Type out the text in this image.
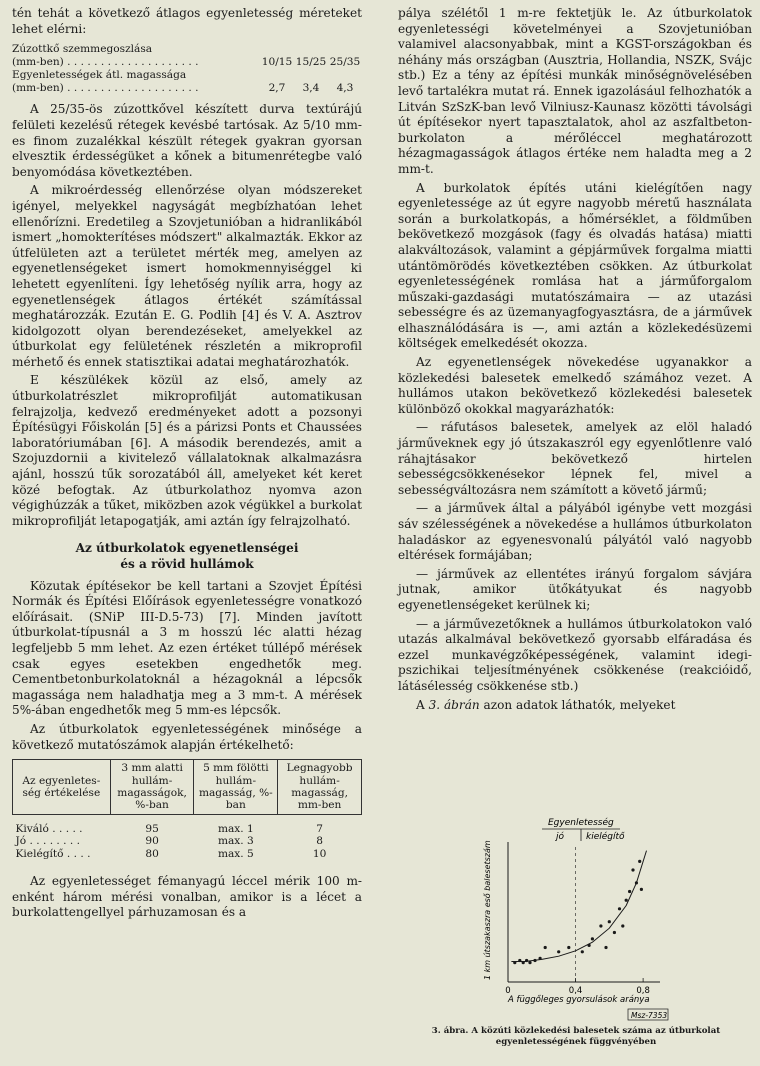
tén tehát a következő átlagos egyenletesség méreteket lehet elérni:

Zúzottkő szemmegoszlása
(mm-ben) . . . . . . . . . . . . . . . . . . . .	10/15 15/25 25/35
Egyenletességek átl. magassága
(mm-ben) . . . . . . . . . . . . . . . . . . . .	2,7	3,4	4,3

A 25/35-ös zúzottkővel készített durva textúrájú felületi kezelésű rétegek kevésbé tartósak. Az 5/10 mm-es finom zuzalékkal készült rétegek gyakran gyorsan elvesztik érdességüket a kőnek a bitumenrétegbe való benyomódása következtében.

A mikroérdesség ellenőrzése olyan módszereket igényel, melyekkel nagyságát megbízhatóan lehet ellenőrízni. Eredetileg a Szovjetunióban a hidranlikából ismert „homokterítéses módszert" alkalmazták. Ekkor az útfelületen azt a területet mérték meg, amelyen az egyenetlenségeket ismert homokmennyiséggel ki lehetett egyenlíteni. Így lehetőség nyílik arra, hogy az egyenetlenségek átlagos értékét számítással meghatározzák. Ezután E. G. Podlih [4] és V. A. Asztrov kidolgozott olyan berendezéseket, amelyekkel az útburkolat egy felületének részletén a mikroprofil mérhető és ennek statisztikai adatai meghatározhatók.

E készülékek közül az első, amely az útburkolatrészlet mikroprofilját automatikusan felrajzolja, kedvező eredményeket adott a pozsonyi Építésügyi Főiskolán [5] és a párizsi Ponts et Chaussées laboratóriumában [6]. A második berendezés, amit a Szojuzdornii a kivitelező vállalatoknak alkalmazásra ajánl, hosszú tűk sorozatából áll, amelyeket két keret közé befogtak. Az útburkolathoz nyomva azon végighúzzák a tűket, miközben azok végükkel a burkolat mikroprofilját letapogatják, ami aztán így felrajzolható.

Az útburkolatok egyenetlenségei
és a rövid hullámok

Közutak építésekor be kell tartani a Szovjet Építési Normák és Építési Előírások egyenletességre vonatkozó előírásait. (SNiP III-D.5-73) [7]. Minden javított útburkolat-típusnál a 3 m hosszú léc alatti hézag legfeljebb 5 mm lehet. Az ezen értéket túllépő mérések csak egyes esetekben engedhetők meg. Cementbetonburkolatoknál a hézagoknál a lépcsők magassága nem haladhatja meg a 3 mm-t. A mérések 5%-ában engedhetők meg 5 mm-es lépcsők.

Az útburkolatok egyenletességének minősége a következő mutatószámok alapján értékelhető:

Az egyenletes-ség értékelése	3 mm alatti hullám-magasságok, %-ban	5 mm fölötti hullám-magasság, %-ban	Legnagyobb hullám-magasság, mm-ben
Kiváló . . . . .	95	max. 1	7
Jó . . . . . . . .	90	max. 3	8
Kielégítő . . . .	80	max. 5	10

Az egyenletességet fémanyagú léccel mérik 100 m-enként három mérési vonalban, amikor is a lécet a burkolattengellyel párhuzamosan és a

pálya szélétől 1 m-re fektetjük le. Az útburkolatok egyenletességi követelményei a Szovjetunióban valamivel alacsonyabbak, mint a KGST-országokban és néhány más országban (Ausztria, Hollandia, NSZK, Svájc stb.) Ez a tény az építési munkák minőségnövelésében levő tartalékra mutat rá. Ennek igazolásául felhozhatók a Litván SzSzK-ban levő Vilniusz-Kaunasz közötti távolsági út építésekor nyert tapasztalatok, ahol az aszfaltbeton-burkolaton a mérőléccel meghatározott hézagmagasságok átlagos értéke nem haladta meg a 2 mm-t.

A burkolatok építés utáni kielégítően nagy egyenletessége az út egyre nagyobb méretű használata során a burkolatkopás, a hőmérséklet, a földműben bekövetkező mozgások (fagy és olvadás hatása) miatti alakváltozások, valamint a gépjárművek forgalma miatti utántömörödés következtében csökken. Az útburkolat egyenletességének romlása hat a járműforgalom műszaki-gazdasági mutatószámaira — az utazási sebességre és az üzemanyagfogyasztásra, de a járművek elhasználódására is —, ami aztán a közlekedésüzemi költségek emelkedését okozza.

Az egyenetlenségek növekedése ugyanakkor a közlekedési balesetek emelkedő számához vezet. A hullámos utakon bekövetkező közlekedési balesetek különböző okokkal magyarázhatók:

— ráfutásos balesetek, amelyek az elöl haladó járműveknek egy jó útszakaszról egy egyenlőtlenre való ráhajtásakor bekövetkező hirtelen sebességcsökkenésekor lépnek fel, mivel a sebességváltozásra nem számított a követő jármű;

— a járművek által a pályából igénybe vett mozgási sáv szélességének a növekedése a hullámos útburkolaton haladáskor az egyenesvonalú pályától való nagyobb eltérések formájában;

— járművek az ellentétes irányú forgalom sávjára jutnak, amikor ütőkátyukat és nagyobb egyenetlenségeket kerülnek ki;

— a járművezetőknek a hullámos útburkolatokon való utazás alkalmával bekövetkező gyorsabb elfáradása és ezzel munkavégzőképességének, valamint idegi-pszichikai teljesítményének csökkenése (reakcióidő, látásélesség csökkenése stb.)

A 3. ábrán azon adatok láthatók, melyeket

Egyenletesség
jó kielégítő
1 km útszakaszra eső balesetszám
0	0,4	0,8
A függőleges gyorsulások aránya
Msz-7353
3. ábra. A közúti közlekedési balesetek száma az útburkolat
egyenletességének függvényében
